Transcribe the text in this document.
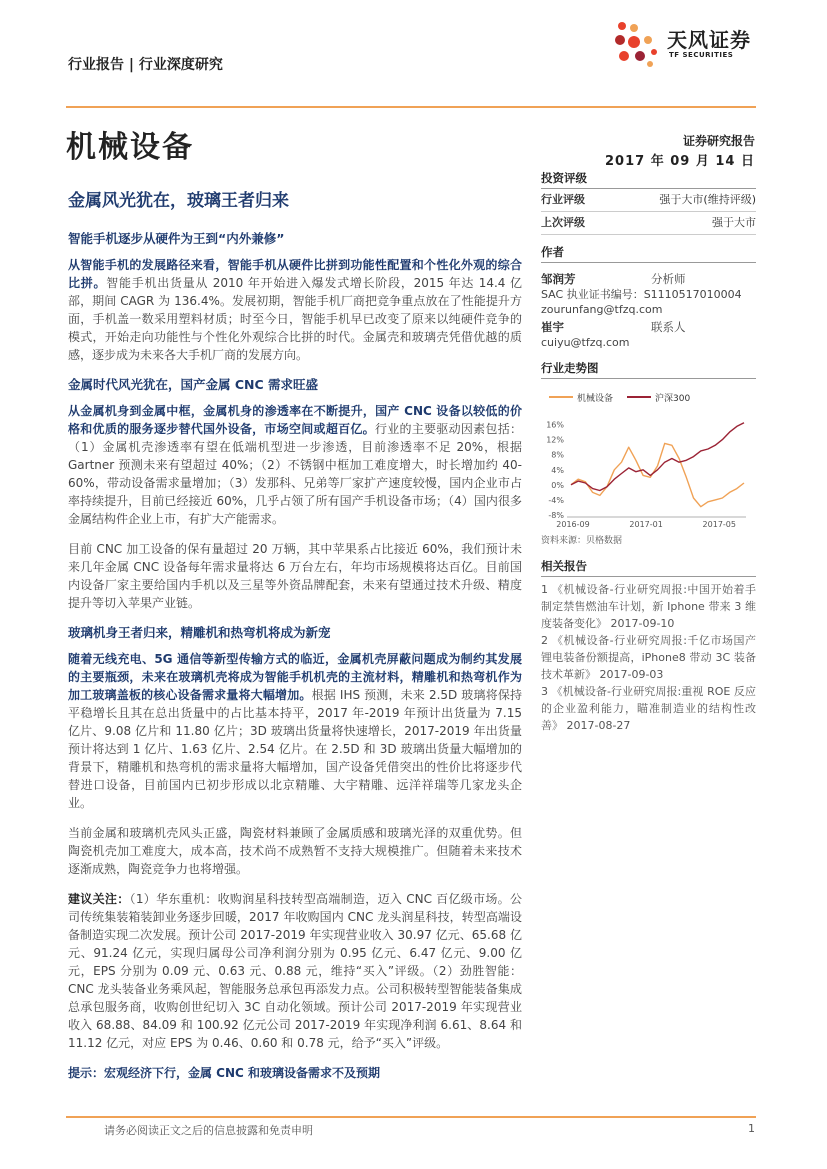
行业报告 | 行业深度研究
天风证券
TF SECURITIES
机械设备
金属风光犹在，玻璃王者归来
证券研究报告
2017 年 09 月 14 日
智能手机逐步从硬件为王到“内外兼修”

从智能手机的发展路径来看，智能手机从硬件比拼到功能性配置和个性化外观的综合比拼。智能手机出货量从 2010 年开始进入爆发式增长阶段，2015 年达 14.4 亿部，期间 CAGR 为 136.4%。发展初期，智能手机厂商把竞争重点放在了性能提升方面，手机盖一数采用塑料材质；时至今日，智能手机早已改变了原来以纯硬件竞争的模式，开始走向功能性与个性化外观综合比拼的时代。金属壳和玻璃壳凭借优越的质感，逐步成为未来各大手机厂商的发展方向。

金属时代风光犹在，国产金属 CNC 需求旺盛

从金属机身到金属中框，金属机身的渗透率在不断提升，国产 CNC 设备以较低的价格和优质的服务逐步替代国外设备，市场空间或超百亿。行业的主要驱动因素包括：（1）金属机壳渗透率有望在低端机型进一步渗透，目前渗透率不足 20%，根据 Gartner 预测未来有望超过 40%；（2）不锈钢中框加工难度增大，时长增加约 40-60%，带动设备需求量增加；（3）发那科、兄弟等厂家扩产速度较慢，国内企业市占率持续提升，目前已经接近 60%，几乎占领了所有国产手机设备市场；（4）国内很多金属结构件企业上市，有扩大产能需求。

目前 CNC 加工设备的保有量超过 20 万辆，其中苹果系占比接近 60%，我们预计未来几年金属 CNC 设备每年需求量将达 6 万台左右，年均市场规模将达百亿。目前国内设备厂家主要给国内手机以及三星等外资品牌配套，未来有望通过技术升级、精度提升等切入苹果产业链。

玻璃机身王者归来，精雕机和热弯机将成为新宠

随着无线充电、5G 通信等新型传输方式的临近，金属机壳屏蔽问题成为制约其发展的主要瓶颈，未来在玻璃机壳将成为智能手机机壳的主流材料，精雕机和热弯机作为加工玻璃盖板的核心设备需求量将大幅增加。根据 IHS 预测，未来 2.5D 玻璃将保持平稳增长且其在总出货量中的占比基本持平，2017 年-2019 年预计出货量为 7.15 亿片、9.08 亿片和 11.80 亿片；3D 玻璃出货量将快速增长，2017-2019 年出货量预计将达到 1 亿片、1.63 亿片、2.54 亿片。在 2.5D 和 3D 玻璃出货量大幅增加的背景下，精雕机和热弯机的需求量将大幅增加，国产设备凭借突出的性价比将逐步代替进口设备，目前国内已初步形成以北京精雕、大宇精雕、远洋祥瑞等几家龙头企业。

当前金属和玻璃机壳风头正盛，陶瓷材料兼顾了金属质感和玻璃光泽的双重优势。但陶瓷机壳加工难度大，成本高，技术尚不成熟暂不支持大规模推广。但随着未来技术逐渐成熟，陶瓷竞争力也将增强。

建议关注：（1）华东重机：收购润星科技转型高端制造，迈入 CNC 百亿级市场。公司传统集装箱装卸业务逐步回暖，2017 年收购国内 CNC 龙头润星科技，转型高端设备制造实现二次发展。预计公司 2017-2019 年实现营业收入 30.97 亿元、65.68 亿元、91.24 亿元，实现归属母公司净利润分别为 0.95 亿元、6.47 亿元、9.00 亿元，EPS 分别为 0.09 元、0.63 元、0.88 元，维持“买入”评级。（2）劲胜智能：CNC 龙头装备业务乘风起，智能服务总承包再添发力点。公司积极转型智能装备集成总承包服务商，收购创世纪切入 3C 自动化领域。预计公司 2017-2019 年实现营业收入 68.88、84.09 和 100.92 亿元公司 2017-2019 年实现净利润 6.61、8.64 和 11.12 亿元，对应 EPS 为 0.46、0.60 和 0.78 元，给予“买入”评级。

提示：宏观经济下行，金属 CNC 和玻璃设备需求不及预期

投资评级
行业评级	强于大市(维持评级)
上次评级	强于大市
作者
邹润芳	分析师
SAC 执业证书编号：S1110517010004
zourunfang@tfzq.com
崔宇	联系人
cuiyu@tfzq.com
行业走势图
机械设备	沪深300
16%
12%
8%
4%
0%
-4%
-8%
2016-09	2017-01	2017-05
资料来源：贝格数据
相关报告
1 《机械设备-行业研究周报:中国开始着手制定禁售燃油车计划，新 Iphone 带来 3 维度装备变化》 2017-09-10
2 《机械设备-行业研究周报:千亿市场国产锂电装备份额提高，iPhone8 带动 3C 装备技术革新》 2017-09-03
3 《机械设备-行业研究周报:重视 ROE 反应的企业盈利能力，瞄准制造业的结构性改善》 2017-08-27
请务必阅读正文之后的信息披露和免责申明	1
